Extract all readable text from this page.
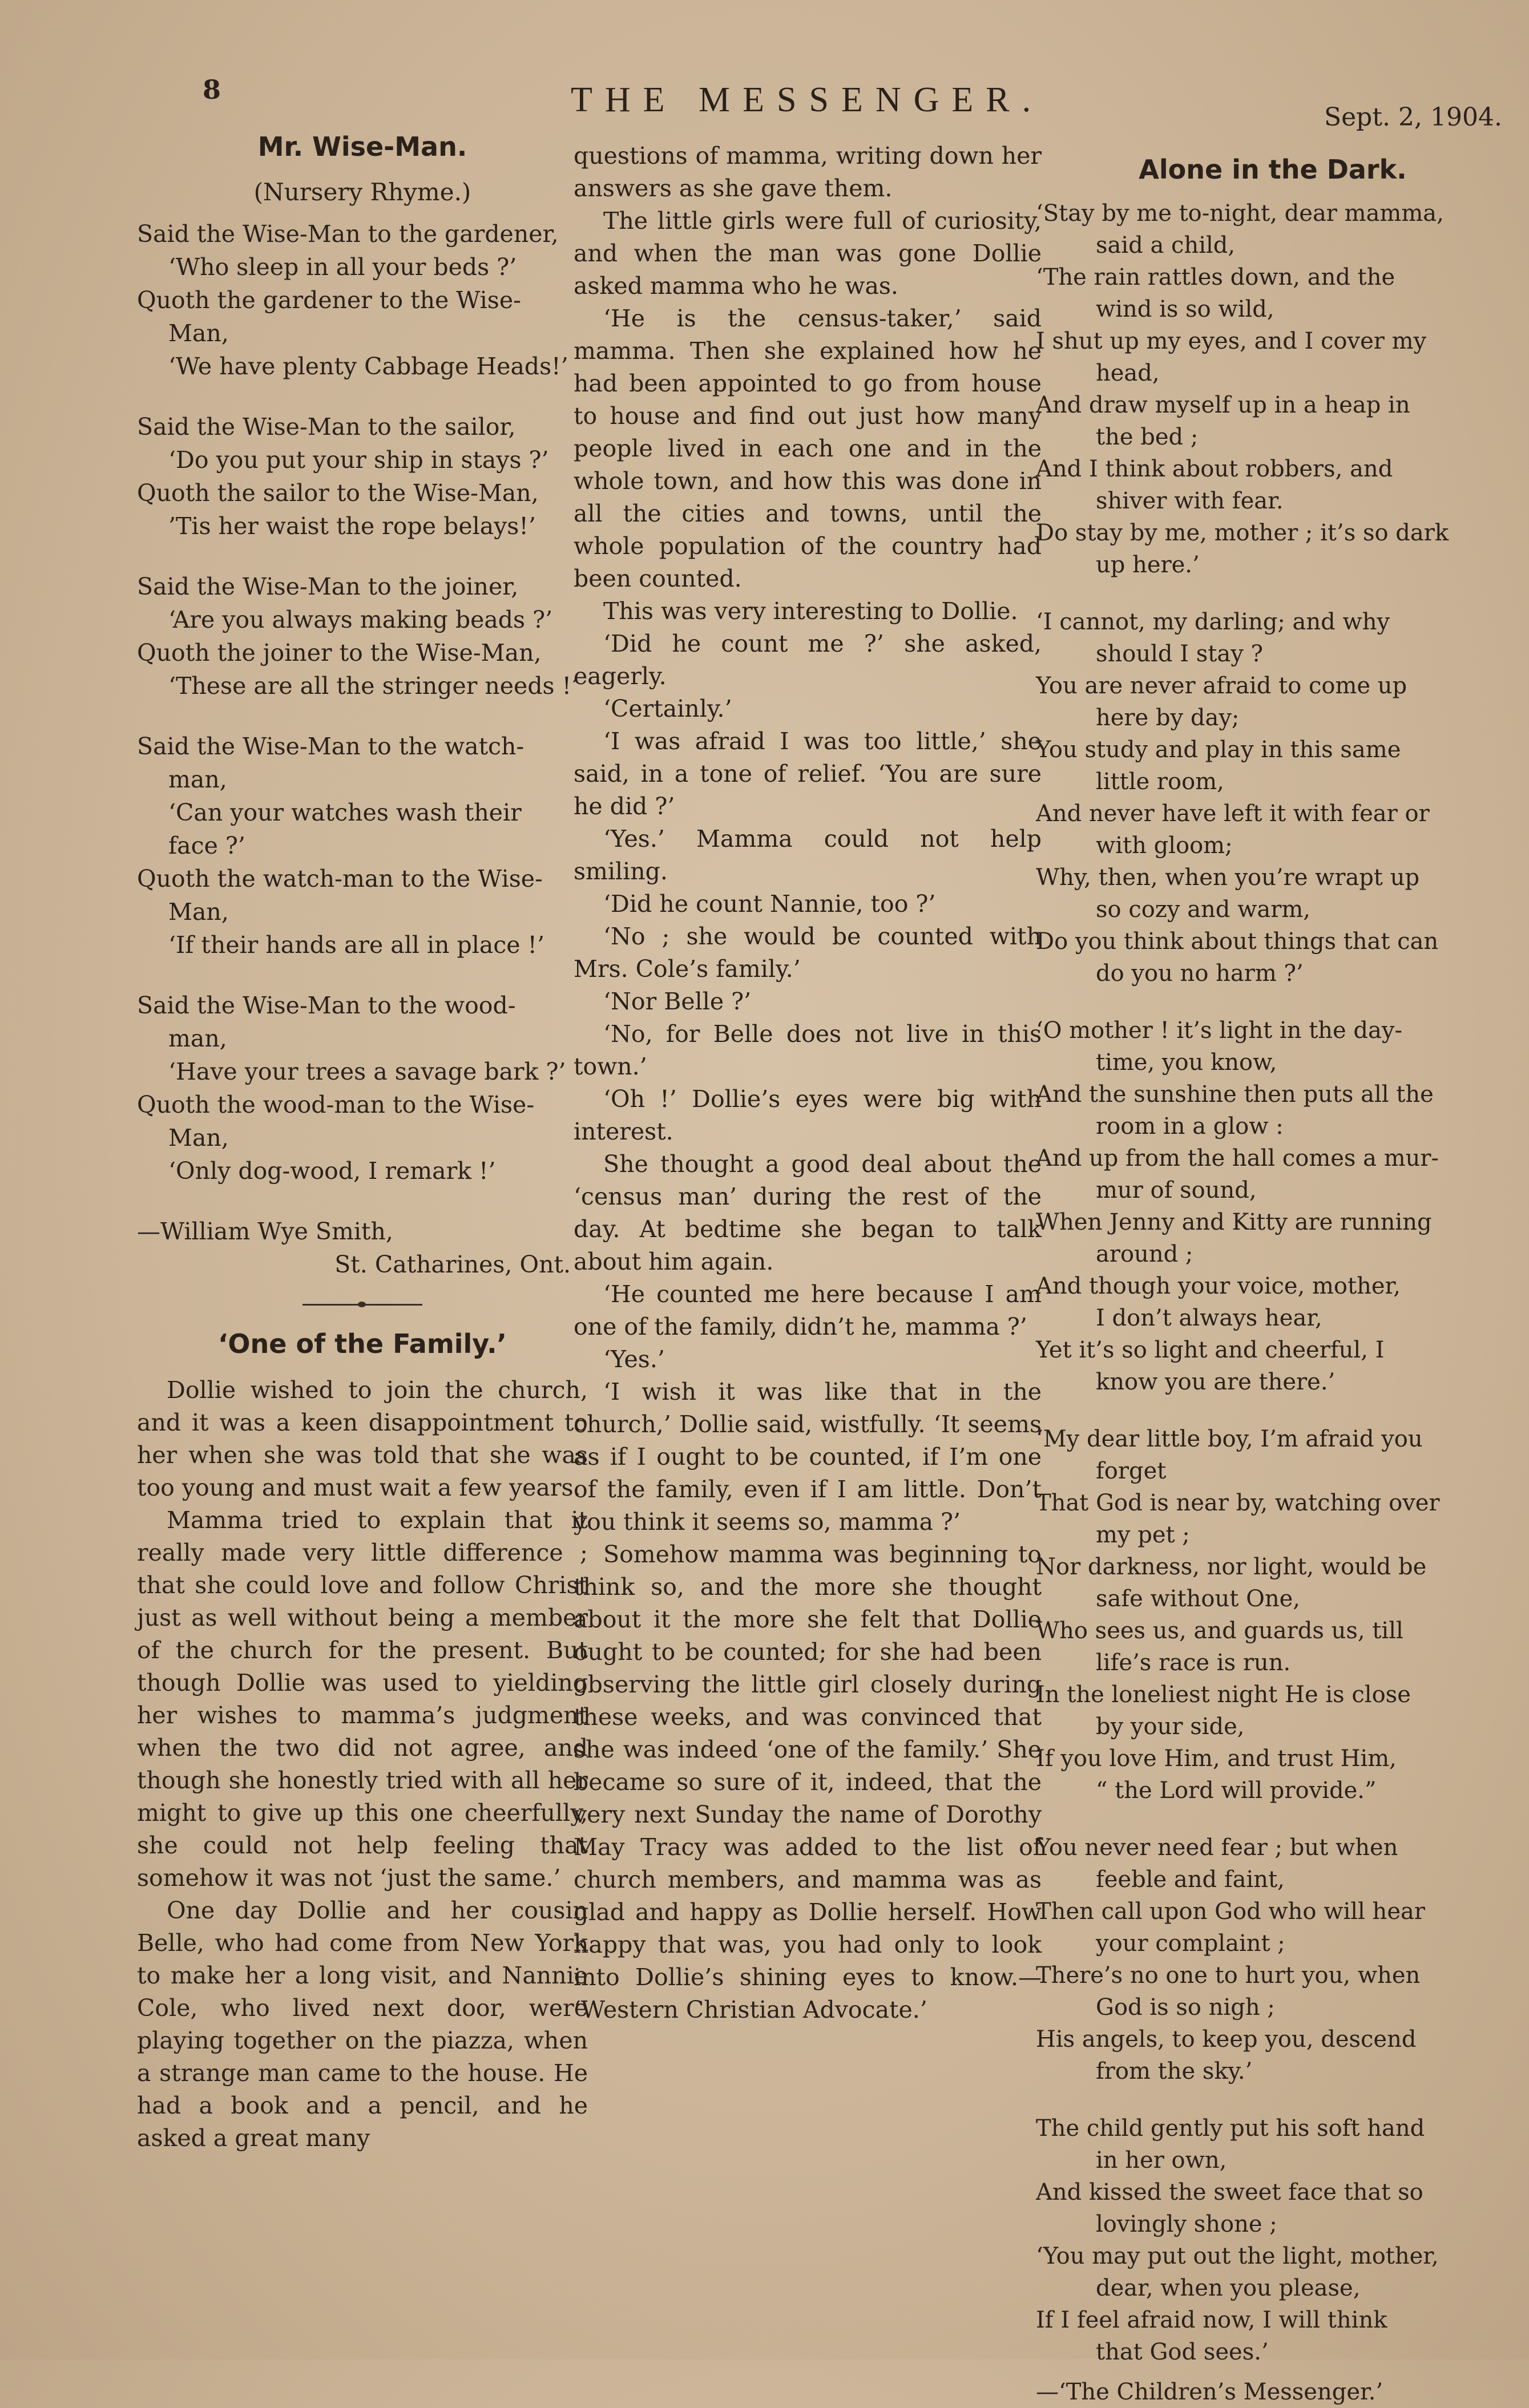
8	THE MESSENGER.	Sept. 2, 1904.
Mr. Wise-Man.
(Nursery Rhyme.)
Said the Wise-Man to the gardener,
‘Who sleep in all your beds ?’
Quoth the gardener to the Wise-
Man,
‘We have plenty Cabbage Heads!’
Said the Wise-Man to the sailor,
‘Do you put your ship in stays ?’
Quoth the sailor to the Wise-Man,
’Tis her waist the rope belays!’
Said the Wise-Man to the joiner,
‘Are you always making beads ?’
Quoth the joiner to the Wise-Man,
‘These are all the stringer needs !’
Said the Wise-Man to the watch-
man,
‘Can your watches wash their
face ?’
Quoth the watch-man to the Wise-
Man,
‘If their hands are all in place !’
Said the Wise-Man to the wood-
man,
‘Have your trees a savage bark ?’
Quoth the wood-man to the Wise-
Man,
‘Only dog-wood, I remark !’
—William Wye Smith,
St. Catharines, Ont.
‘One of the Family.’

Dollie wished to join the church, and it was a keen disappointment to her when she was told that she was too young and must wait a few years.

Mamma tried to explain that it really made very little difference ; that she could love and follow Christ just as well without being a member of the church for the present. But though Dollie was used to yielding her wishes to mamma’s judgment when the two did not agree, and though she honestly tried with all her might to give up this one cheerfully, she could not help feeling that somehow it was not ‘just the same.’

One day Dollie and her cousin Belle, who had come from New York to make her a long visit, and Nannie Cole, who lived next door, were playing together on the piazza, when a strange man came to the house. He had a book and a pencil, and he asked a great many

questions of mamma, writing down her answers as she gave them.

The little girls were full of curiosity, and when the man was gone Dollie asked mamma who he was.

‘He is the census-taker,’ said mamma. Then she explained how he had been appointed to go from house to house and find out just how many people lived in each one and in the whole town, and how this was done in all the cities and towns, until the whole population of the country had been counted.

This was very interesting to Dollie.

‘Did he count me ?’ she asked, eagerly.

‘Certainly.’

‘I was afraid I was too little,’ she said, in a tone of relief. ‘You are sure he did ?’

‘Yes.’ Mamma could not help smiling.

‘Did he count Nannie, too ?’

‘No ; she would be counted with Mrs. Cole’s family.’

‘Nor Belle ?’

‘No, for Belle does not live in this town.’

‘Oh !’ Dollie’s eyes were big with interest.

She thought a good deal about the ‘census man’ during the rest of the day. At bedtime she began to talk about him again.

‘He counted me here because I am one of the family, didn’t he, mamma ?’

‘Yes.’

‘I wish it was like that in the church,’ Dollie said, wistfully. ‘It seems as if I ought to be counted, if I’m one of the family, even if I am little. Don’t you think it seems so, mamma ?’

Somehow mamma was beginning to think so, and the more she thought about it the more she felt that Dollie ought to be counted; for she had been observing the little girl closely during these weeks, and was convinced that she was indeed ‘one of the family.’ She became so sure of it, indeed, that the very next Sunday the name of Dorothy May Tracy was added to the list of church members, and mamma was as glad and happy as Dollie herself. How happy that was, you had only to look into Dollie’s shining eyes to know.— ‘Western Christian Advocate.’

Alone in the Dark.
‘Stay by me to-night, dear mamma,
said a child,
‘The rain rattles down, and the
wind is so wild,
I shut up my eyes, and I cover my
head,
And draw myself up in a heap in
the bed ;
And I think about robbers, and
shiver with fear.
Do stay by me, mother ; it’s so dark
up here.’
‘I cannot, my darling; and why
should I stay ?
You are never afraid to come up
here by day;
You study and play in this same
little room,
And never have left it with fear or
with gloom;
Why, then, when you’re wrapt up
so cozy and warm,
Do you think about things that can
do you no harm ?’
‘O mother ! it’s light in the day-
time, you know,
And the sunshine then puts all the
room in a glow :
And up from the hall comes a mur-
mur of sound,
When Jenny and Kitty are running
around ;
And though your voice, mother,
I don’t always hear,
Yet it’s so light and cheerful, I
know you are there.’
‘My dear little boy, I’m afraid you
forget
That God is near by, watching over
my pet ;
Nor darkness, nor light, would be
safe without One,
Who sees us, and guards us, till
life’s race is run.
In the loneliest night He is close
by your side,
If you love Him, and trust Him,
“ the Lord will provide.”
You never need fear ; but when
feeble and faint,
Then call upon God who will hear
your complaint ;
There’s no one to hurt you, when
God is so nigh ;
His angels, to keep you, descend
from the sky.’
The child gently put his soft hand
in her own,
And kissed the sweet face that so
lovingly shone ;
‘You may put out the light, mother,
dear, when you please,
If I feel afraid now, I will think
that God sees.’
—‘The Children’s Messenger.’
